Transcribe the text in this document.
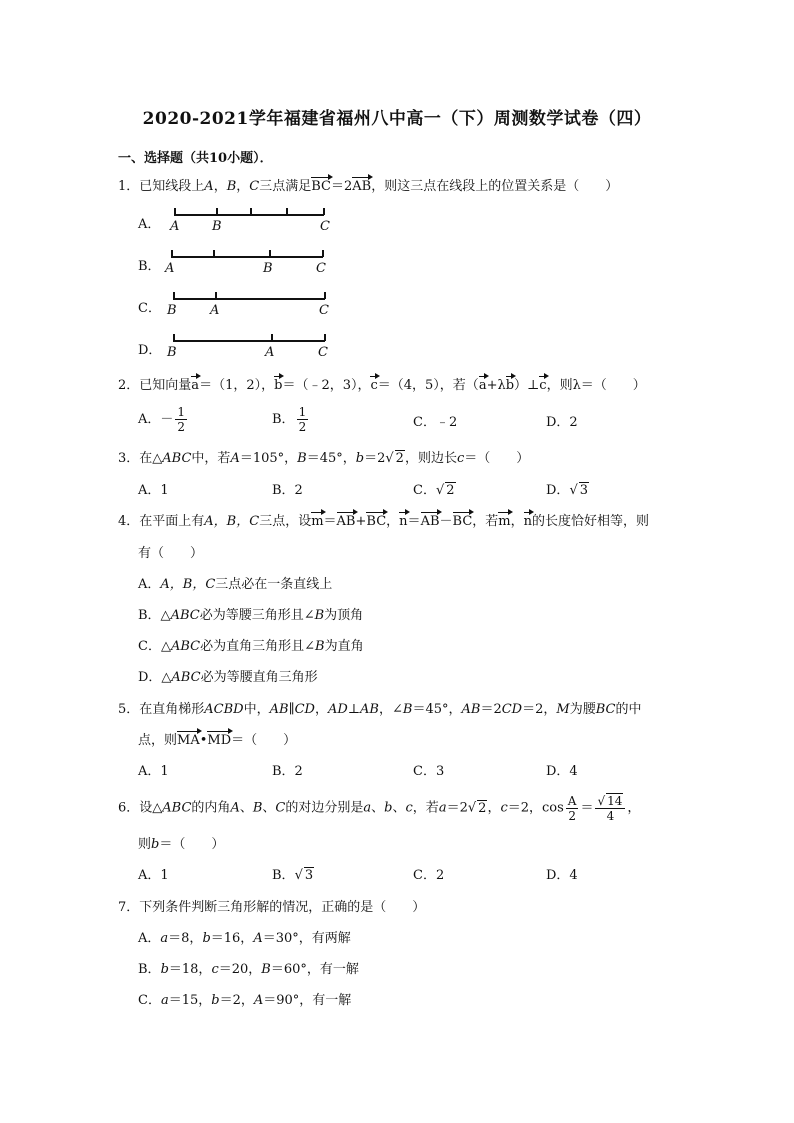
2020-2021学年福建省福州八中高一（下）周测数学试卷（四）
一、选择题（共10小题）．
1．已知线段上A，B，C三点满足BC＝2AB，则这三点在线段上的位置关系是（　　）
A． A	B	C
B． A	B	C
C． B	A	C
D． B	A	C
2．已知向量a＝（1，2），b＝（﹣2，3），c＝（4，5），若（a+λb）⊥c，则λ＝（　　）
A．－ $\frac{1}{2}$	B． $\frac{1}{2}$	C．﹣2	D．2
3．在△ABC中，若A＝105°，B＝45°，b＝2√ 2，则边长c＝（　　）
A．1	B．2	C．√ 2	D．√ 3
4．在平面上有A，B，C三点，设m＝AB+BC，n＝AB－BC，若m，n的长度恰好相等，则
有（　　）
A．A，B，C三点必在一条直线上
B．△ABC必为等腰三角形且∠B为顶角
C．△ABC必为直角三角形且∠B为直角
D．△ABC必为等腰直角三角形
5．在直角梯形ACBD中，AB∥CD，AD⊥AB，∠B＝45°，AB＝2CD＝2，M为腰BC的中
点，则MA•MD＝（　　）
A．1	B．2	C．3	D．4
6．设△ABC的内角A、B、C的对边分别是a、b、c，若a＝2√ 2，c＝2，$\cos \frac{A}{2} = \frac{√ 14}{4}$ ，
则b＝（　　）
A．1	B．√ 3	C．2	D．4
7．下列条件判断三角形解的情况，正确的是（　　）
A．a＝8，b＝16，A＝30°，有两解
B．b＝18，c＝20，B＝60°，有一解
C．a＝15，b＝2，A＝90°，有一解
